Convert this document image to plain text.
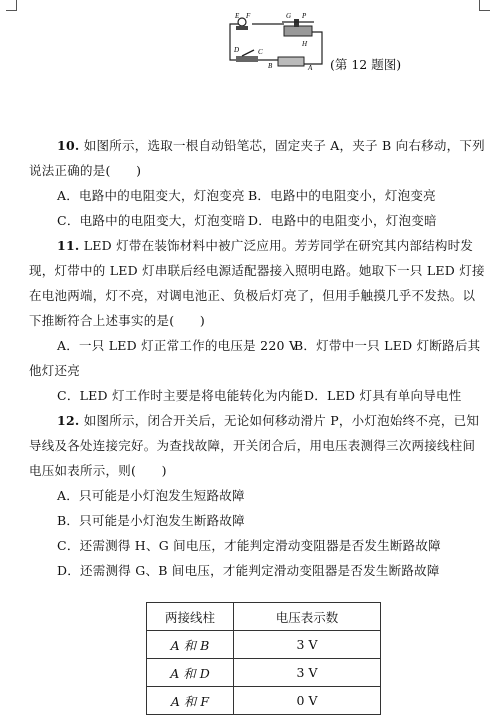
E F	G P
H
D	C
B	A (第 12 题图)
10. 如图所示，选取一根自动铅笔芯，固定夹子 A，夹子 B 向右移动，下列
说法正确的是(　　)
A．电路中的电阻变大，灯泡变亮 B．电路中的电阻变小，灯泡变亮
C．电路中的电阻变大，灯泡变暗 D．电路中的电阻变小，灯泡变暗
11. LED 灯带在装饰材料中被广泛应用。芳芳同学在研究其内部结构时发
现，灯带中的 LED 灯串联后经电源适配器接入照明电路。她取下一只 LED 灯接
在电池两端，灯不亮，对调电池正、负极后灯亮了，但用手触摸几乎不发热。以
下推断符合上述事实的是(　　)
A．一只 LED 灯正常工作的电压是 220 V
B．灯带中一只 LED 灯断路后其
他灯还亮
C．LED 灯工作时主要是将电能转化为内能 D．LED 灯具有单向导电性
12. 如图所示，闭合开关后，无论如何移动滑片 P，小灯泡始终不亮，已知
导线及各处连接完好。为查找故障，开关闭合后，用电压表测得三次两接线柱间
电压如表所示，则(　　)
A．只可能是小灯泡发生短路故障
B．只可能是小灯泡发生断路故障
C．还需测得 H、G 间电压，才能判定滑动变阻器是否发生断路故障
D．还需测得 G、B 间电压，才能判定滑动变阻器是否发生断路故障
两接线柱	电压表示数
A 和 B	3 V
A 和 D	3 V
A 和 F	0 V
